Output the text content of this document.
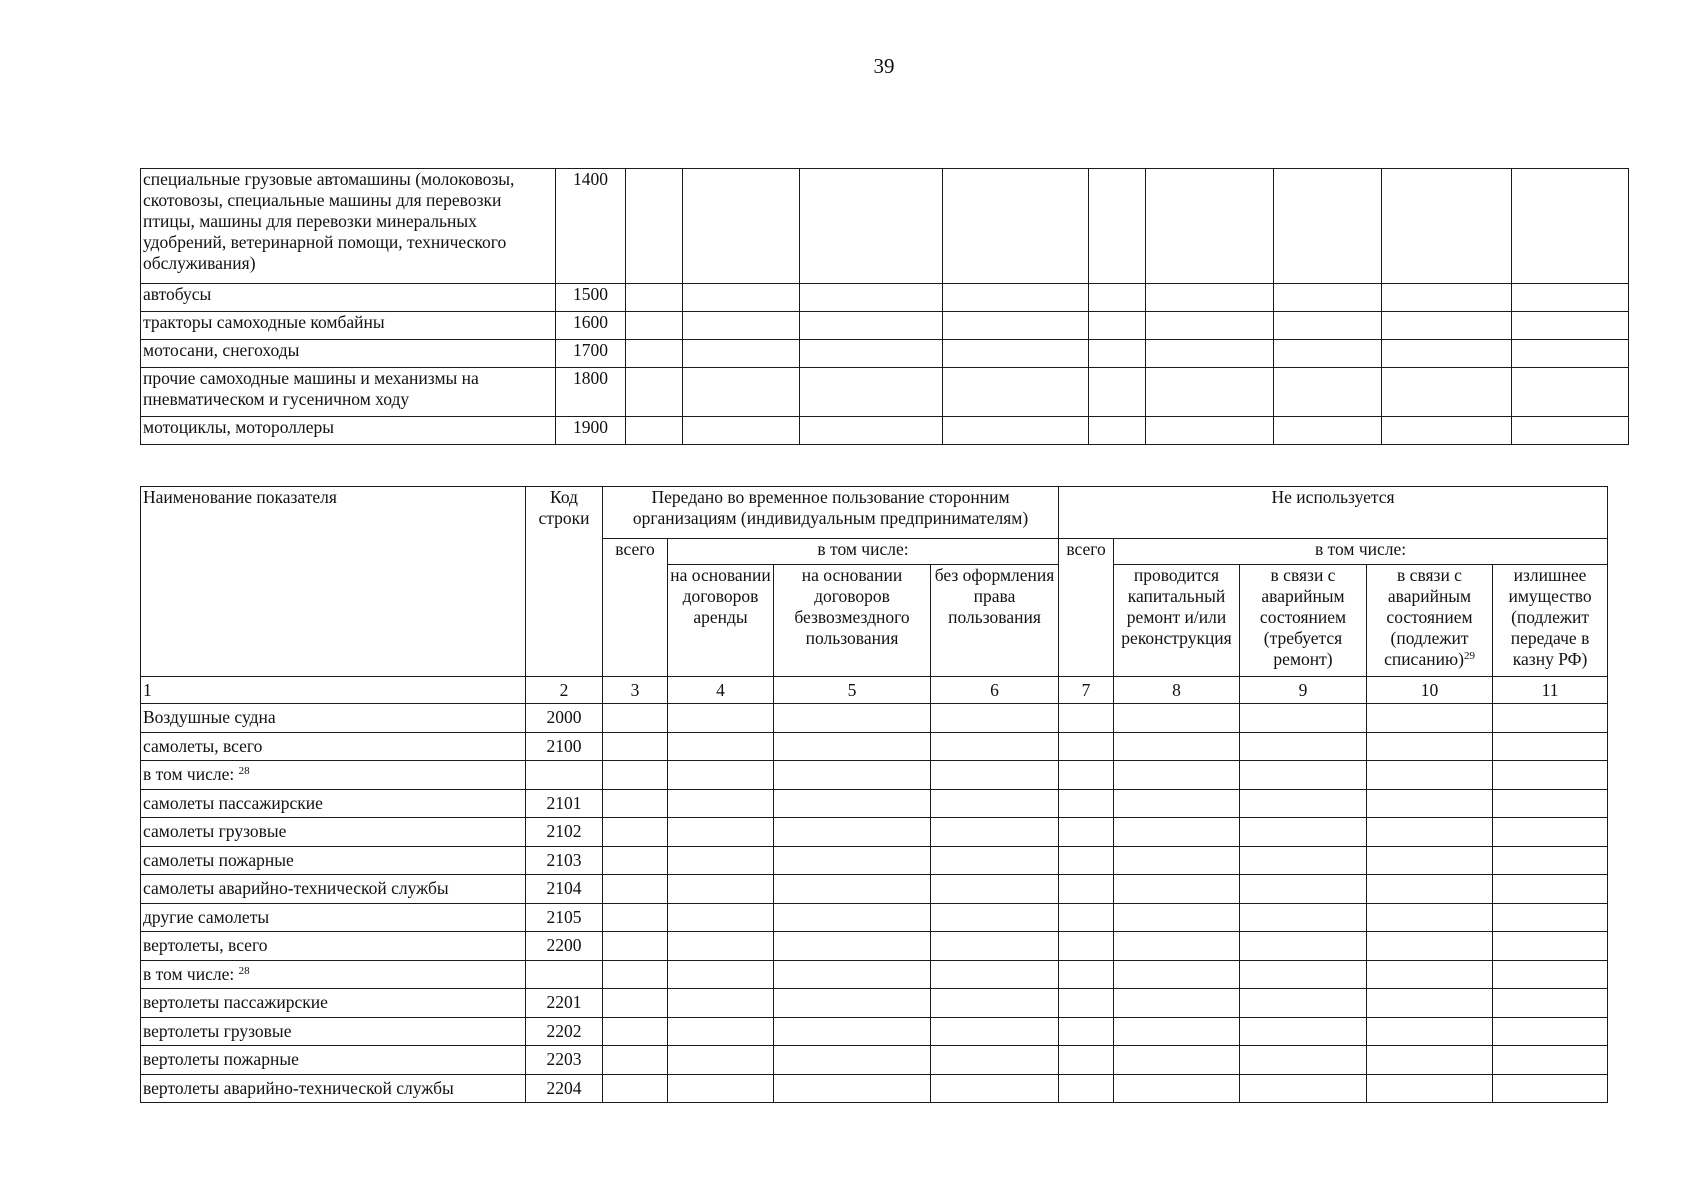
39
специальные грузовые автомашины (молоковозы, скотовозы, специальные машины для перевозки птицы, машины для перевозки минеральных удобрений, ветеринарной помощи, технического обслуживания)	1400									
автобусы	1500									
тракторы самоходные комбайны	1600									
мотосани, снегоходы	1700									
прочие самоходные машины и механизмы на пневматическом и гусеничном ходу	1800									
мотоциклы, мотороллеры	1900									
Наименование показателя	Код строки	Передано во временное пользование сторонним организациям (индивидуальным предпринимателям)				Не используется				
		всего	в том числе:			всего	в том числе:			
			на основании договоров аренды	на основании договоров безвозмездного пользования	без оформления права пользования		проводится капитальный ремонт и/или реконструкция	в связи с аварийным состоянием (требуется ремонт)	в связи с аварийным состоянием (подлежит списанию)$^{29}$	излишнее имущество (подлежит передаче в казну РФ)
1	2	3	4	5	6	7	8	9	10	11
Воздушные судна	2000									
самолеты, всего	2100									
в том числе: $^{28}$										
самолеты пассажирские	2101									
самолеты грузовые	2102									
самолеты пожарные	2103									
самолеты аварийно-технической службы	2104									
другие самолеты	2105									
вертолеты, всего	2200									
в том числе: $^{28}$										
вертолеты пассажирские	2201									
вертолеты грузовые	2202									
вертолеты пожарные	2203									
вертолеты аварийно-технической службы	2204									
